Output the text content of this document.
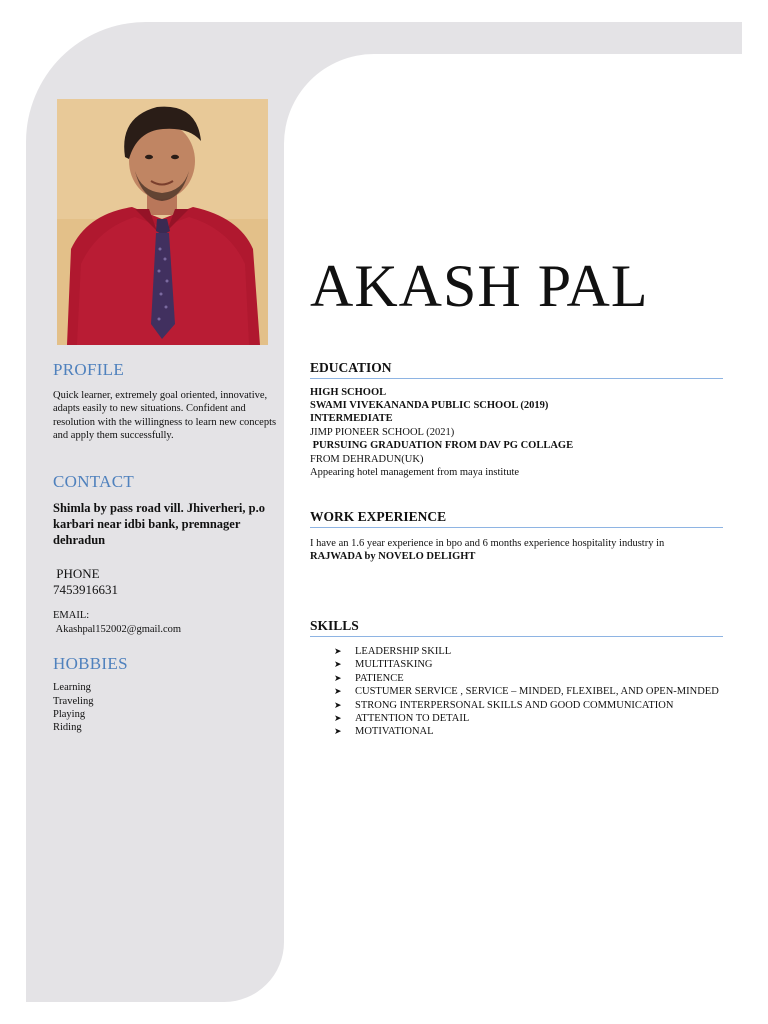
PROFILE
Quick learner, extremely goal oriented, innovative, adapts easily to new situations. Confident and resolution with the willingness to learn new concepts and apply them successfully.
CONTACT
Shimla by pass road vill. Jhiverheri, p.o karbari near idbi bank, premnager dehradun
PHONE
7453916631
EMAIL:
Akashpal152002@gmail.com
HOBBIES
Learning
Traveling
Playing
Riding
AKASH PAL
EDUCATION
HIGH SCHOOL
SWAMI VIVEKANANDA PUBLIC SCHOOL (2019)
INTERMEDIATE
JIMP PIONEER SCHOOL (2021)
PURSUING GRADUATION FROM DAV PG COLLAGE
FROM DEHRADUN(UK)
Appearing hotel management from maya institute
WORK EXPERIENCE
I have an 1.6 year experience in bpo and 6 months experience hospitality industry in
RAJWADA by NOVELO DELIGHT
SKILLS
➤ LEADERSHIP SKILL
➤ MULTITASKING
➤ PATIENCE
➤ CUSTUMER SERVICE , SERVICE – MINDED, FLEXIBEL, AND OPEN-MINDED
➤ STRONG INTERPERSONAL SKILLS AND GOOD COMMUNICATION
➤ ATTENTION TO DETAIL
➤ MOTIVATIONAL
